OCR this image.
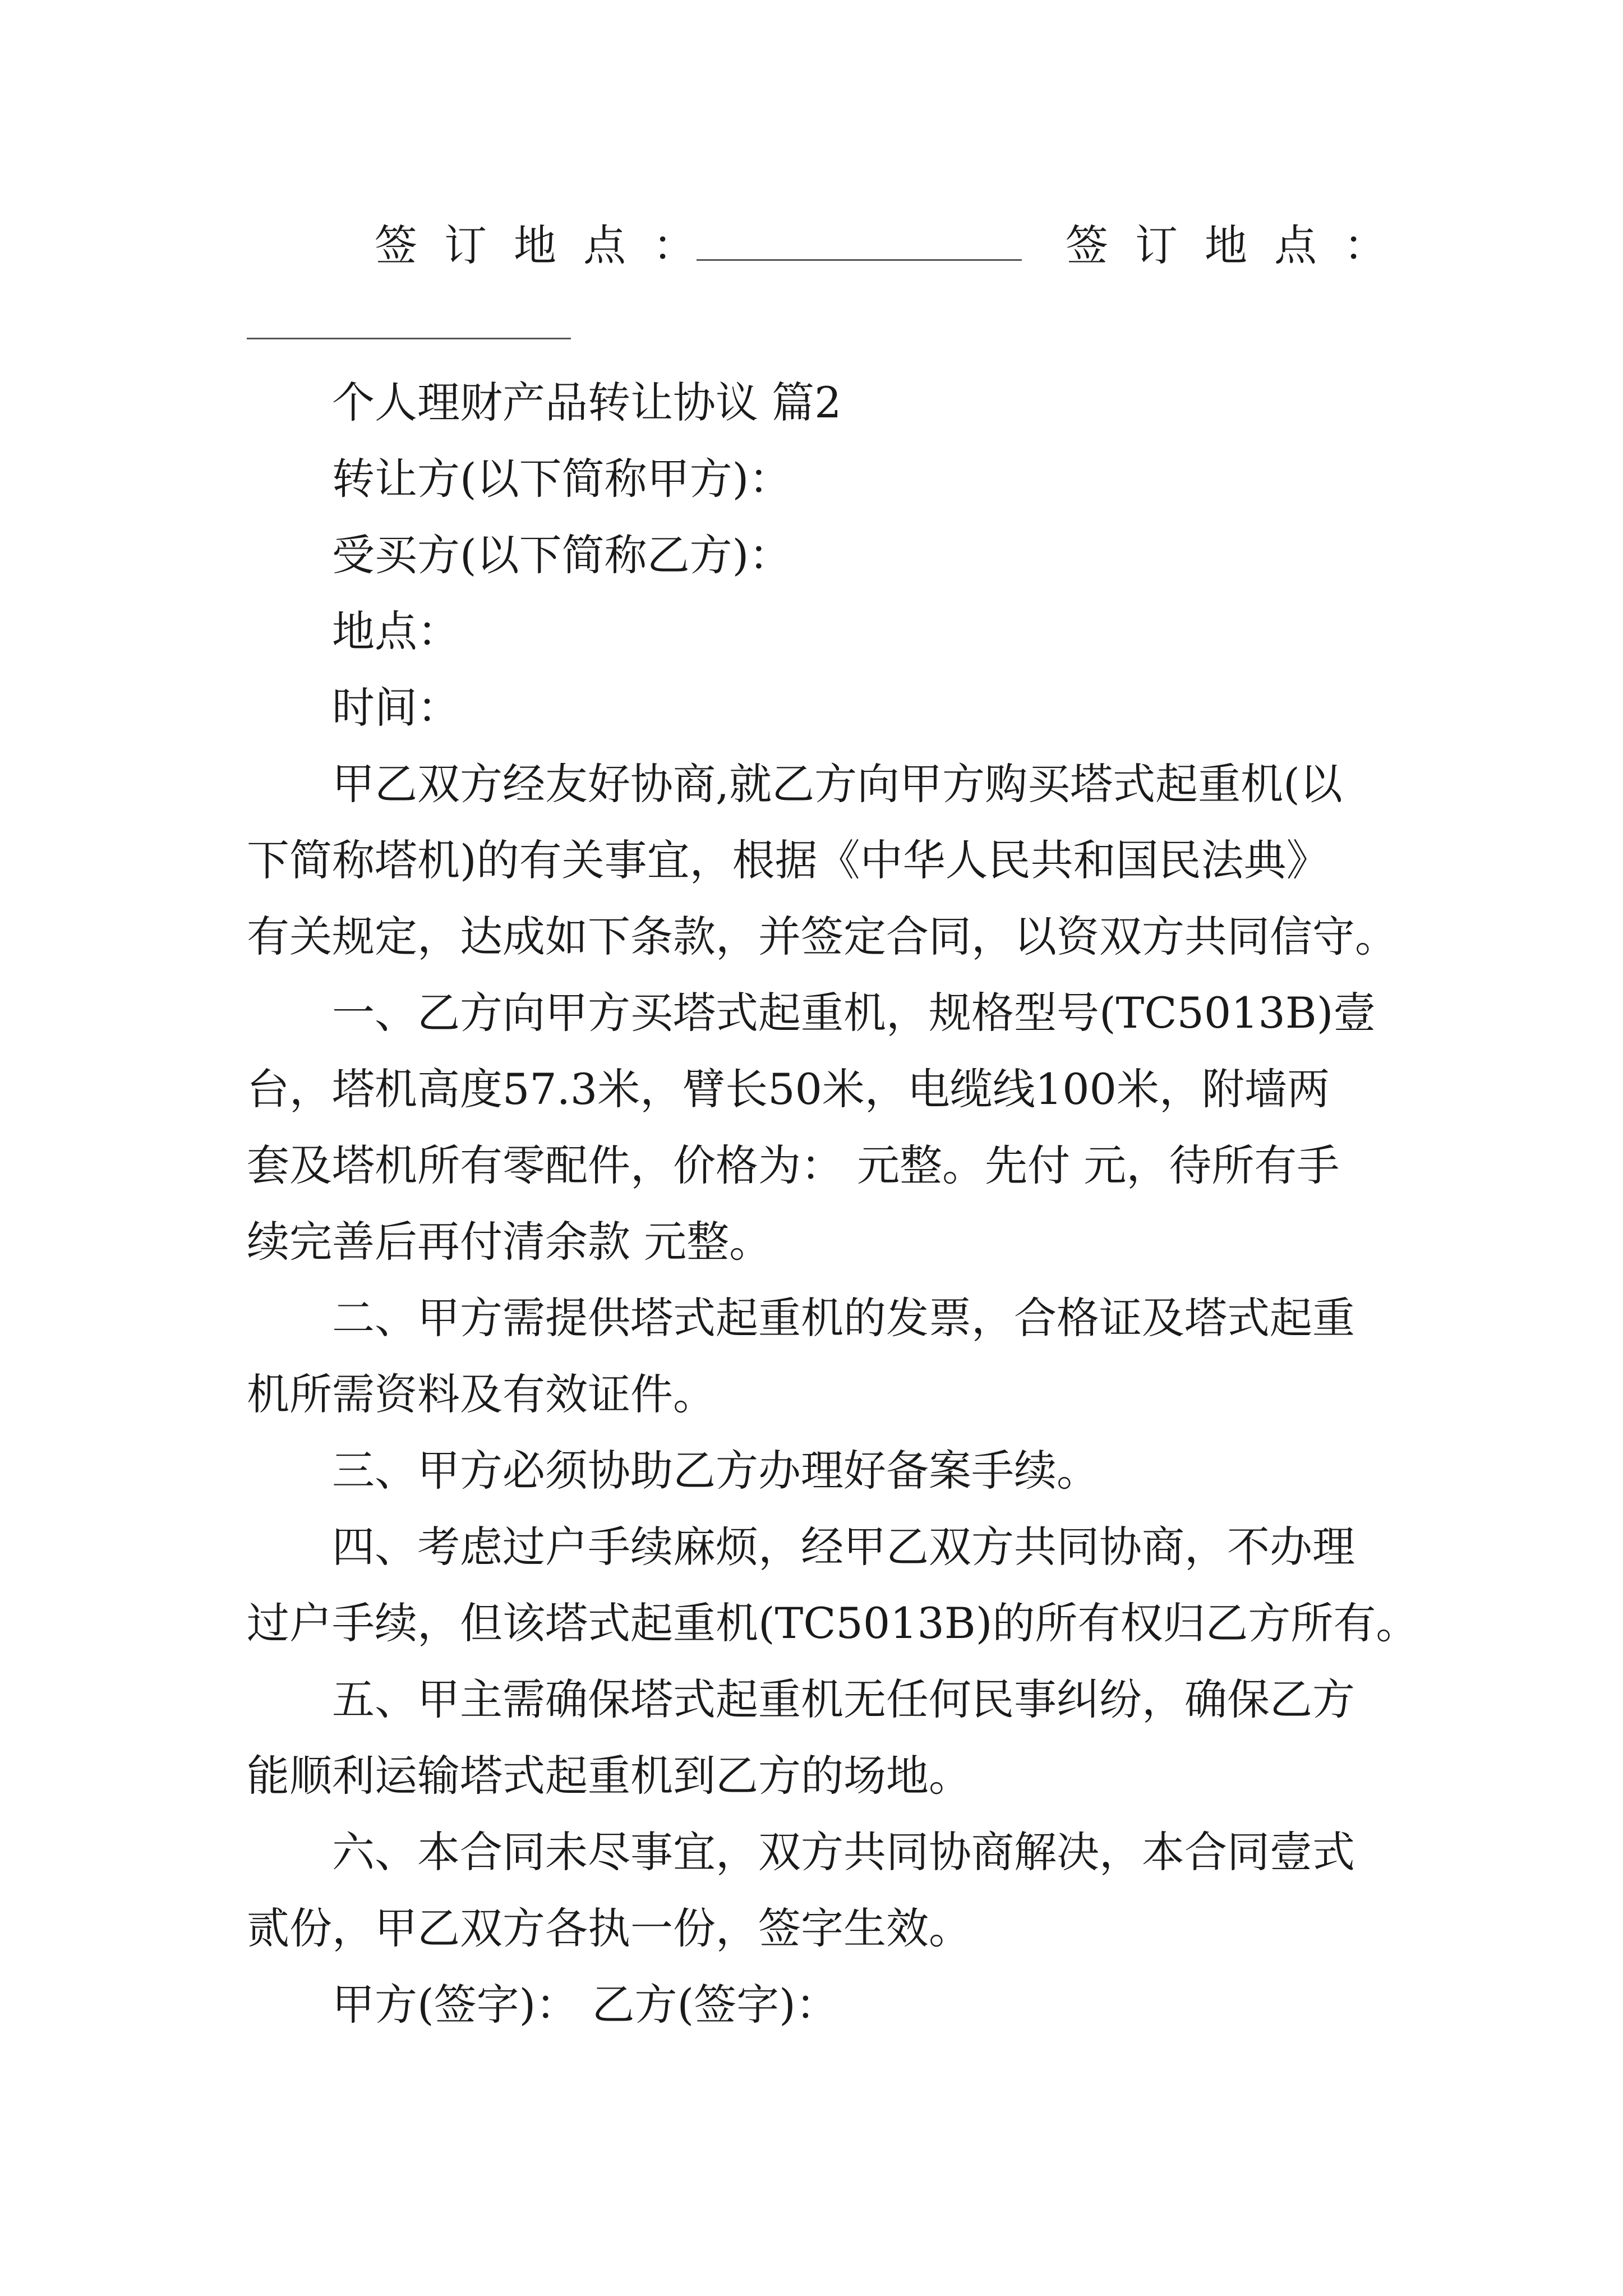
签订地点：	签订地点：
个人理财产品转让协议 篇2
转让方(以下简称甲方)：
受买方(以下简称乙方)：
地点：
时间：
甲乙双方经友好协商,就乙方向甲方购买塔式起重机(以
下简称塔机)的有关事宜，根据《中华人民共和国民法典》
有关规定，达成如下条款，并签定合同，以资双方共同信守。
一、乙方向甲方买塔式起重机，规格型号(TC5013B)壹
台，塔机高度57.3米，臂长50米，电缆线100米，附墙两
套及塔机所有零配件，价格为： 元整。先付 元，待所有手
续完善后再付清余款 元整。
二、甲方需提供塔式起重机的发票，合格证及塔式起重
机所需资料及有效证件。
三、甲方必须协助乙方办理好备案手续。
四、考虑过户手续麻烦，经甲乙双方共同协商，不办理
过户手续，但该塔式起重机(TC5013B)的所有权归乙方所有。
五、甲主需确保塔式起重机无任何民事纠纷，确保乙方
能顺利运输塔式起重机到乙方的场地。
六、本合同未尽事宜，双方共同协商解决，本合同壹式
贰份，甲乙双方各执一份，签字生效。
甲方(签字)： 乙方(签字)：
